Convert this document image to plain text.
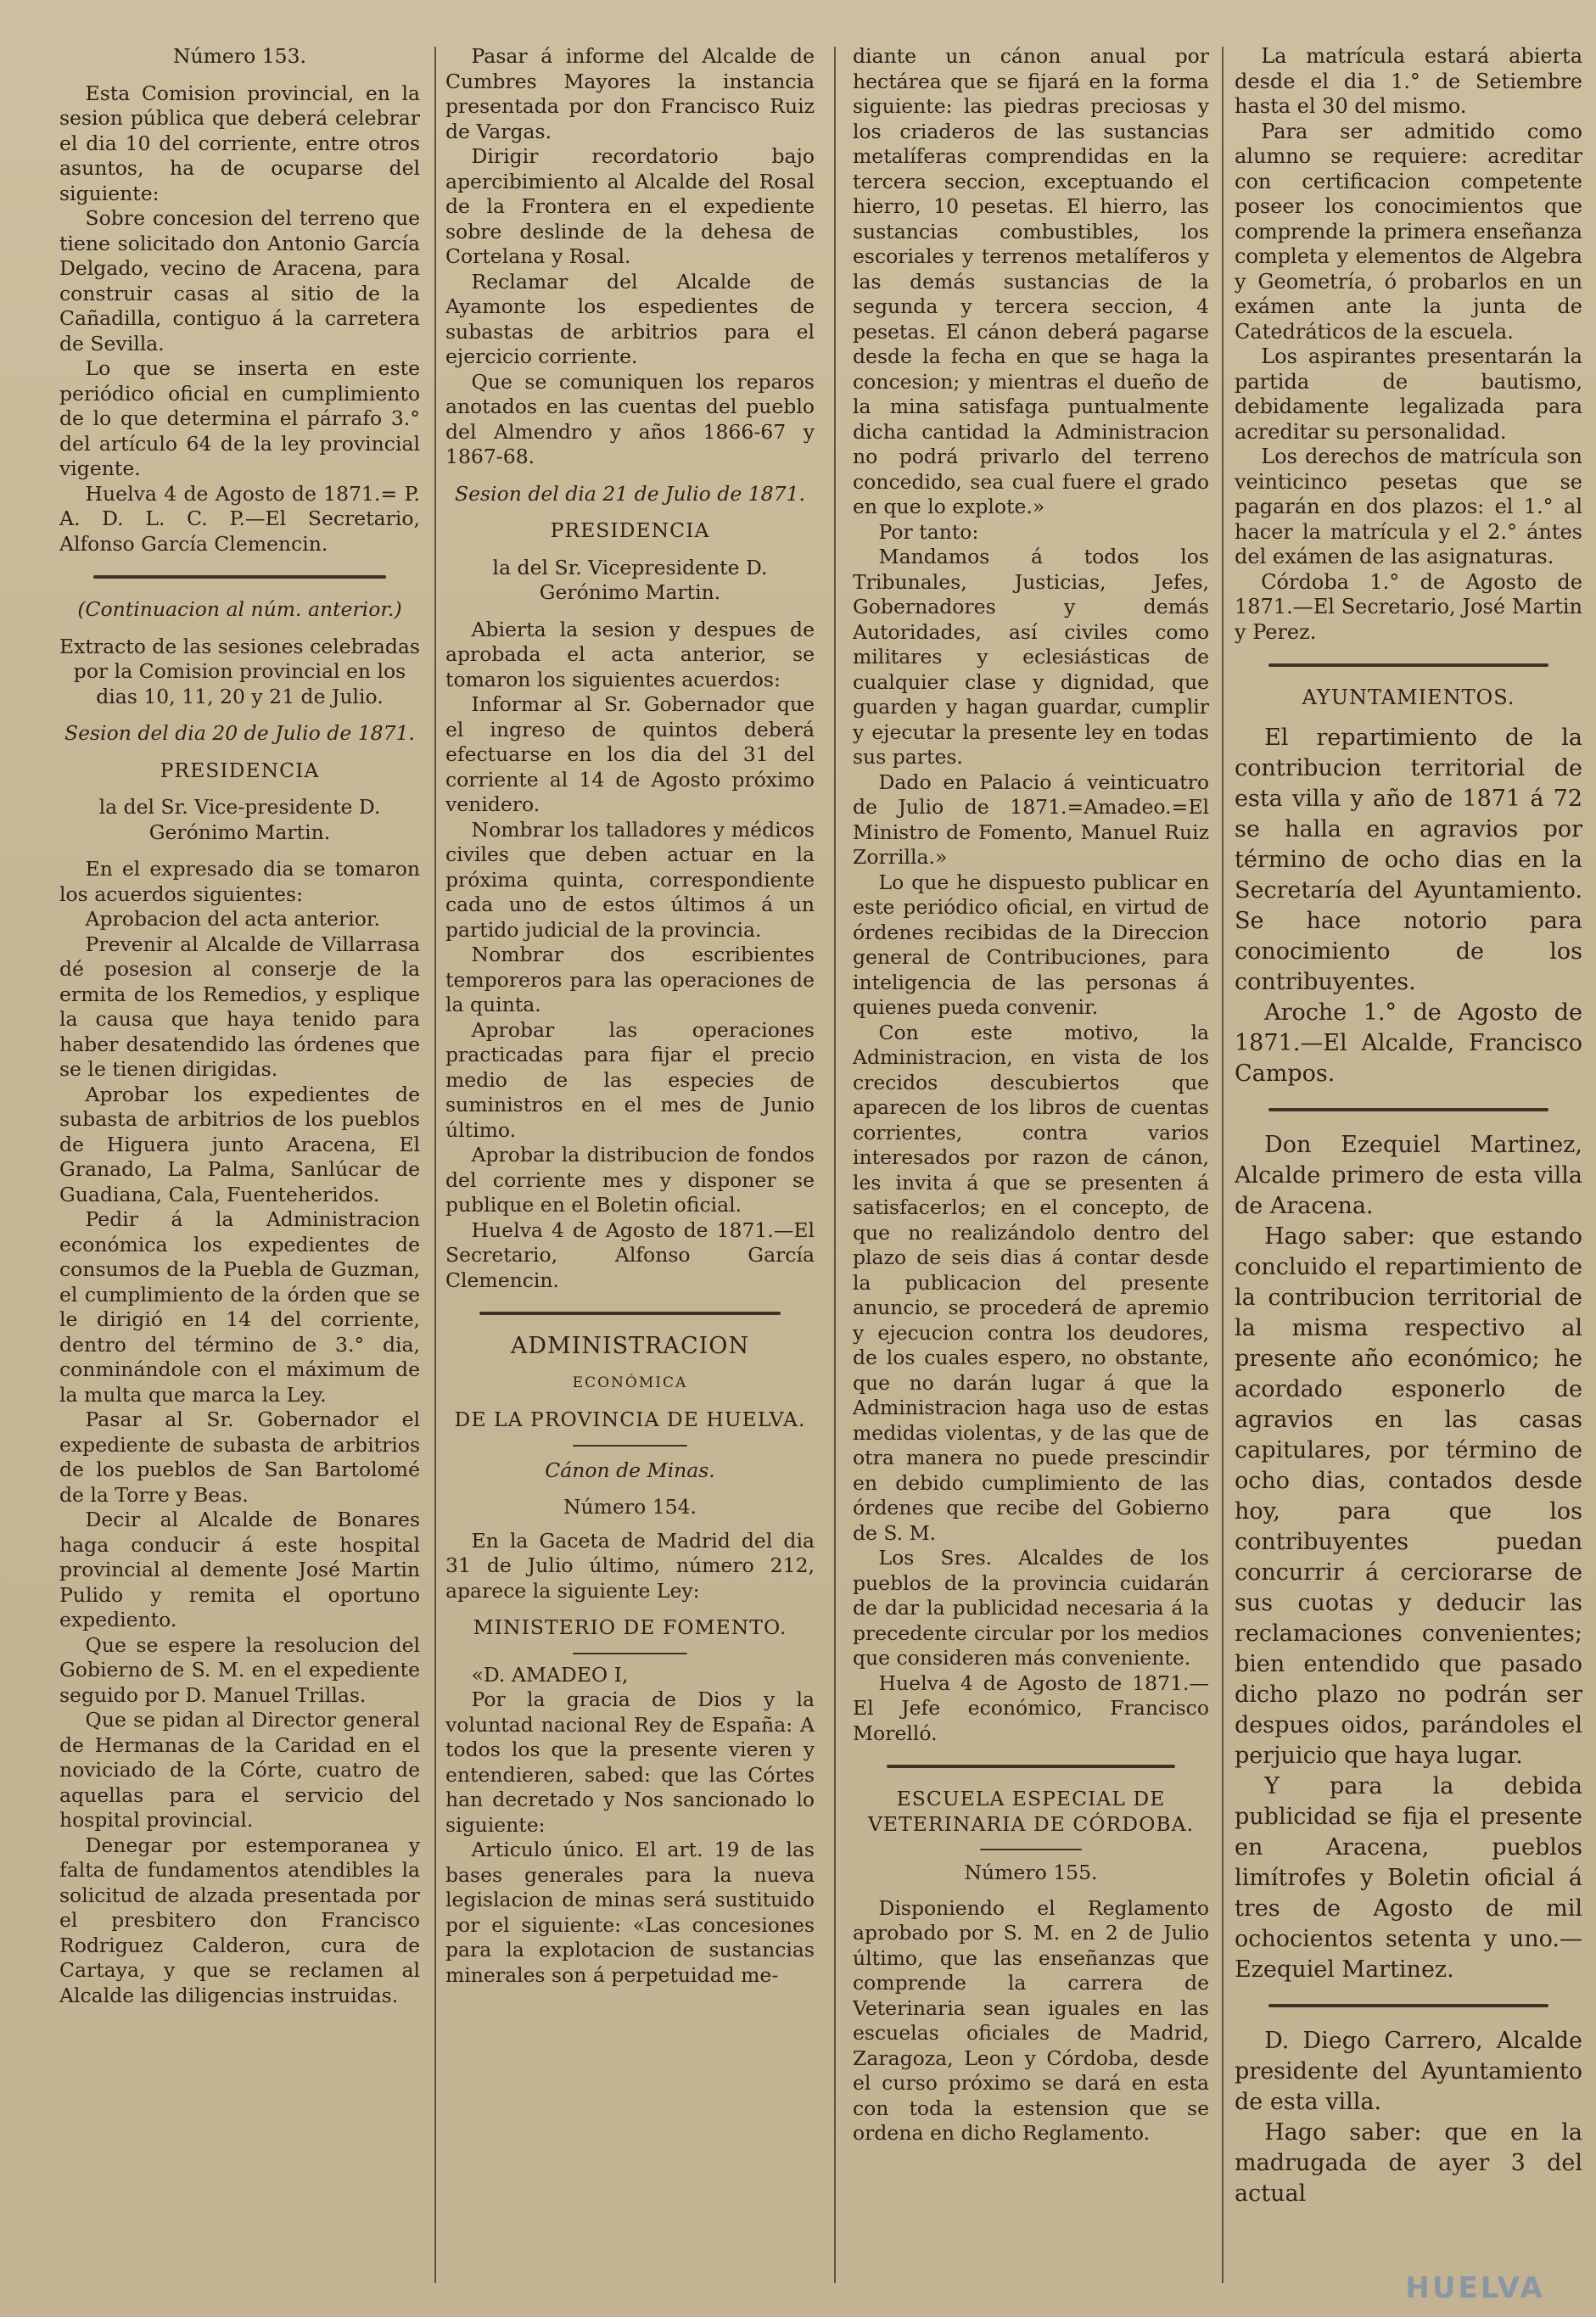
Número 153.

Esta Comision provincial, en la sesion pública que deberá celebrar el dia 10 del corriente, entre otros asuntos, ha de ocuparse del siguiente:

Sobre concesion del terreno que tiene solicitado don Antonio García Delgado, vecino de Aracena, para construir casas al sitio de la Cañadilla, contiguo á la carretera de Sevilla.

Lo que se inserta en este periódico oficial en cumplimiento de lo que determina el párrafo 3.° del artículo 64 de la ley provincial vigente.

Huelva 4 de Agosto de 1871.= P. A. D. L. C. P.—El Secretario, Alfonso García Clemencin.

(Continuacion al núm. anterior.)

Extracto de las sesiones celebradas por la Comision provincial en los dias 10, 11, 20 y 21 de Julio.

Sesion del dia 20 de Julio de 1871.

PRESIDENCIA

la del Sr. Vice-presidente D. Gerónimo Martin.

En el expresado dia se tomaron los acuerdos siguientes:

Aprobacion del acta anterior.

Prevenir al Alcalde de Villarrasa dé posesion al conserje de la ermita de los Remedios, y esplique la causa que haya tenido para haber desatendido las órdenes que se le tienen dirigidas.

Aprobar los expedientes de subasta de arbitrios de los pueblos de Higuera junto Aracena, El Granado, La Palma, Sanlúcar de Guadiana, Cala, Fuenteheridos.

Pedir á la Administracion económica los expedientes de consumos de la Puebla de Guzman, el cumplimiento de la órden que se le dirigió en 14 del corriente, dentro del término de 3.° dia, conminándole con el máximum de la multa que marca la Ley.

Pasar al Sr. Gobernador el expediente de subasta de arbitrios de los pueblos de San Bartolomé de la Torre y Beas.

Decir al Alcalde de Bonares haga conducir á este hospital provincial al demente José Martin Pulido y remita el oportuno expediento.

Que se espere la resolucion del Gobierno de S. M. en el expediente seguido por D. Manuel Trillas.

Que se pidan al Director general de Hermanas de la Caridad en el noviciado de la Córte, cuatro de aquellas para el servicio del hospital provincial.

Denegar por estemporanea y falta de fundamentos atendibles la solicitud de alzada presentada por el presbitero don Francisco Rodriguez Calderon, cura de Cartaya, y que se reclamen al Alcalde las diligencias instruidas.

Pasar á informe del Alcalde de Cumbres Mayores la instancia presentada por don Francisco Ruiz de Vargas.

Dirigir recordatorio bajo apercibimiento al Alcalde del Rosal de la Frontera en el expediente sobre deslinde de la dehesa de Cortelana y Rosal.

Reclamar del Alcalde de Ayamonte los espedientes de subastas de arbitrios para el ejercicio corriente.

Que se comuniquen los reparos anotados en las cuentas del pueblo del Almendro y años 1866-67 y 1867-68.

Sesion del dia 21 de Julio de 1871.

PRESIDENCIA

la del Sr. Vicepresidente D. Gerónimo Martin.

Abierta la sesion y despues de aprobada el acta anterior, se tomaron los siguientes acuerdos:

Informar al Sr. Gobernador que el ingreso de quintos deberá efectuarse en los dia del 31 del corriente al 14 de Agosto próximo venidero.

Nombrar los talladores y médicos civiles que deben actuar en la próxima quinta, correspondiente cada uno de estos últimos á un partido judicial de la provincia.

Nombrar dos escribientes temporeros para las operaciones de la quinta.

Aprobar las operaciones practicadas para fijar el precio medio de las especies de suministros en el mes de Junio último.

Aprobar la distribucion de fondos del corriente mes y disponer se publique en el Boletin oficial.

Huelva 4 de Agosto de 1871.—El Secretario, Alfonso García Clemencin.

ADMINISTRACION

ECONÓMICA

DE LA PROVINCIA DE HUELVA.

Cánon de Minas.

Número 154.

En la Gaceta de Madrid del dia 31 de Julio último, número 212, aparece la siguiente Ley:

MINISTERIO DE FOMENTO.

«D. AMADEO I,

Por la gracia de Dios y la voluntad nacional Rey de España: A todos los que la presente vieren y entendieren, sabed: que las Córtes han decretado y Nos sancionado lo siguiente:

Articulo único. El art. 19 de las bases generales para la nueva legislacion de minas será sustituido por el siguiente: «Las concesiones para la explotacion de sustancias minerales son á perpetuidad me-

diante un cánon anual por hectárea que se fijará en la forma siguiente: las piedras preciosas y los criaderos de las sustancias metalíferas comprendidas en la tercera seccion, exceptuando el hierro, 10 pesetas. El hierro, las sustancias combustibles, los escoriales y terrenos metalíferos y las demás sustancias de la segunda y tercera seccion, 4 pesetas. El cánon deberá pagarse desde la fecha en que se haga la concesion; y mientras el dueño de la mina satisfaga puntualmente dicha cantidad la Administracion no podrá privarlo del terreno concedido, sea cual fuere el grado en que lo explote.»

Por tanto:

Mandamos á todos los Tribunales, Justicias, Jefes, Gobernadores y demás Autoridades, así civiles como militares y eclesiásticas de cualquier clase y dignidad, que guarden y hagan guardar, cumplir y ejecutar la presente ley en todas sus partes.

Dado en Palacio á veinticuatro de Julio de 1871.=Amadeo.=El Ministro de Fomento, Manuel Ruiz Zorrilla.»

Lo que he dispuesto publicar en este periódico oficial, en virtud de órdenes recibidas de la Direccion general de Contribuciones, para inteligencia de las personas á quienes pueda convenir.

Con este motivo, la Administracion, en vista de los crecidos descubiertos que aparecen de los libros de cuentas corrientes, contra varios interesados por razon de cánon, les invita á que se presenten á satisfacerlos; en el concepto, de que no realizándolo dentro del plazo de seis dias á contar desde la publicacion del presente anuncio, se procederá de apremio y ejecucion contra los deudores, de los cuales espero, no obstante, que no darán lugar á que la Administracion haga uso de estas medidas violentas, y de las que de otra manera no puede prescindir en debido cumplimiento de las órdenes que recibe del Gobierno de S. M.

Los Sres. Alcaldes de los pueblos de la provincia cuidarán de dar la publicidad necesaria á la precedente circular por los medios que consideren más conveniente.

Huelva 4 de Agosto de 1871.—El Jefe económico, Francisco Morelló.

ESCUELA ESPECIAL DE VETERINARIA DE CÓRDOBA.

Número 155.

Disponiendo el Reglamento aprobado por S. M. en 2 de Julio último, que las enseñanzas que comprende la carrera de Veterinaria sean iguales en las escuelas oficiales de Madrid, Zaragoza, Leon y Córdoba, desde el curso próximo se dará en esta con toda la estension que se ordena en dicho Reglamento.

La matrícula estará abierta desde el dia 1.° de Setiembre hasta el 30 del mismo.

Para ser admitido como alumno se requiere: acreditar con certificacion competente poseer los conocimientos que comprende la primera enseñanza completa y elementos de Algebra y Geometría, ó probarlos en un exámen ante la junta de Catedráticos de la escuela.

Los aspirantes presentarán la partida de bautismo, debidamente legalizada para acreditar su personalidad.

Los derechos de matrícula son veinticinco pesetas que se pagarán en dos plazos: el 1.° al hacer la matrícula y el 2.° ántes del exámen de las asignaturas.

Córdoba 1.° de Agosto de 1871.—El Secretario, José Martin y Perez.

AYUNTAMIENTOS.

El repartimiento de la contribucion territorial de esta villa y año de 1871 á 72 se halla en agravios por término de ocho dias en la Secretaría del Ayuntamiento. Se hace notorio para conocimiento de los contribuyentes.

Aroche 1.° de Agosto de 1871.—El Alcalde, Francisco Campos.

Don Ezequiel Martinez, Alcalde primero de esta villa de Aracena.

Hago saber: que estando concluido el repartimiento de la contribucion territorial de la misma respectivo al presente año económico; he acordado esponerlo de agravios en las casas capitulares, por término de ocho dias, contados desde hoy, para que los contribuyentes puedan concurrir á cerciorarse de sus cuotas y deducir las reclamaciones convenientes; bien entendido que pasado dicho plazo no podrán ser despues oidos, parándoles el perjuicio que haya lugar.

Y para la debida publicidad se fija el presente en Aracena, pueblos limítrofes y Boletin oficial á tres de Agosto de mil ochocientos setenta y uno.—Ezequiel Martinez.

D. Diego Carrero, Alcalde presidente del Ayuntamiento de esta villa.

Hago saber: que en la madrugada de ayer 3 del actual

HUELVA
